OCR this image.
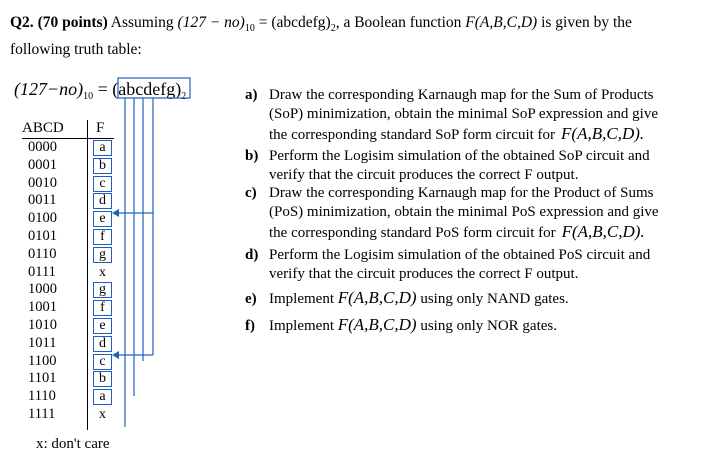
Q2. (70 points) Assuming $(127 - no)_{10}$ = $(abcdefg)_2$, a Boolean function F(A,B,C,D) is given by the
following truth table:
$(127-no)_{10}$ = $(abcdefg)_2$
ABCD F
0000	a
0001	b
0010	c
0011	d
0100	e
0101	f
0110	g
0111	x
1000	g
1001	f
1010	e
1011	d
1100	c
1101	b
1110	a
1111	x
x: don't care
a) Draw the corresponding Karnaugh map for the Sum of Products
(SoP) minimization, obtain the minimal SoP expression and give
the corresponding standard SoP form circuit for F(A,B,C,D).
b) Perform the Logisim simulation of the obtained SoP circuit and
verify that the circuit produces the correct F output.
c) Draw the corresponding Karnaugh map for the Product of Sums
(PoS) minimization, obtain the minimal PoS expression and give
the corresponding standard PoS form circuit for F(A,B,C,D).
d) Perform the Logisim simulation of the obtained PoS circuit and
verify that the circuit produces the correct F output.
e) Implement F(A,B,C,D) using only NAND gates.
f) Implement F(A,B,C,D) using only NOR gates.
